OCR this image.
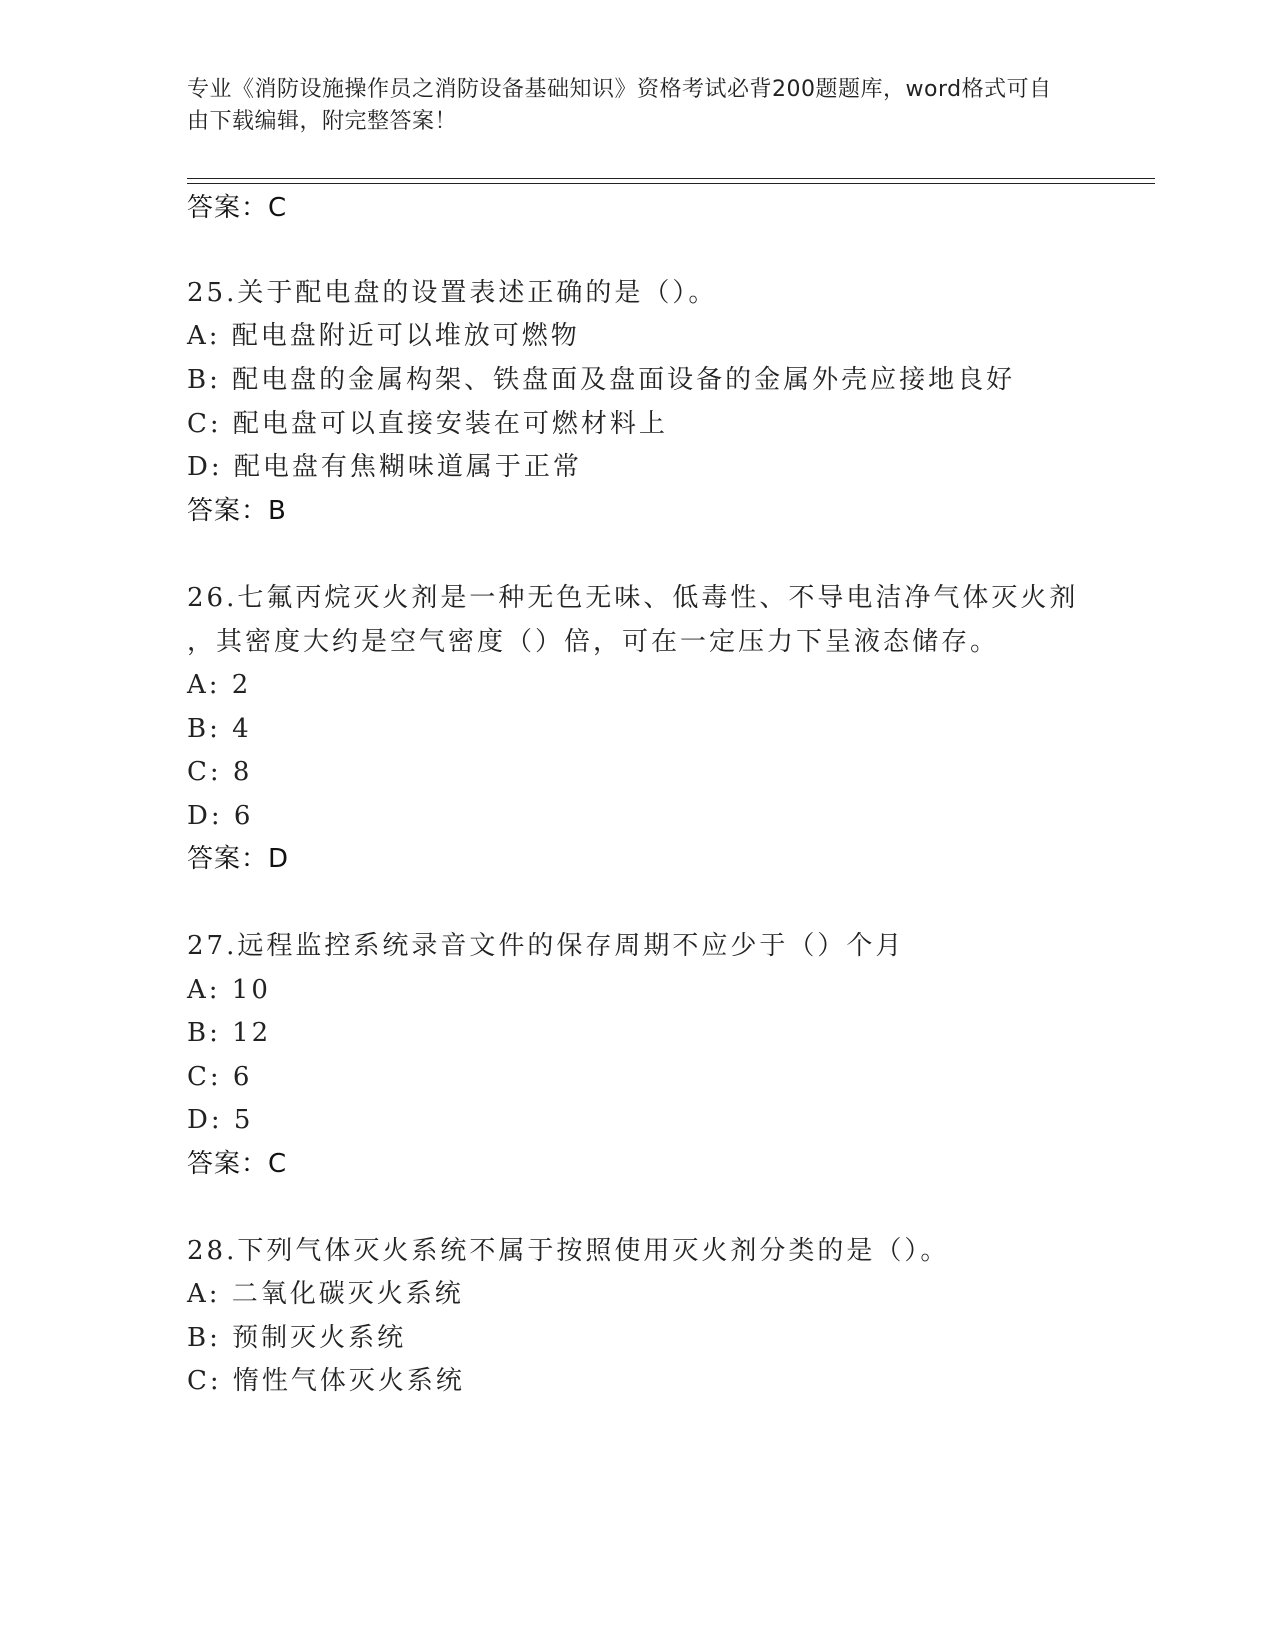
专业《消防设施操作员之消防设备基础知识》资格考试必背200题题库，word格式可自由下载编辑，附完整答案！
答案：C
25.关于配电盘的设置表述正确的是（）。
A: 配电盘附近可以堆放可燃物
B: 配电盘的金属构架、铁盘面及盘面设备的金属外壳应接地良好
C: 配电盘可以直接安装在可燃材料上
D: 配电盘有焦糊味道属于正常
答案：B
26.七氟丙烷灭火剂是一种无色无味、低毒性、不导电洁净气体灭火剂
，其密度大约是空气密度（）倍，可在一定压力下呈液态储存。
A: 2
B: 4
C: 8
D: 6
答案：D
27.远程监控系统录音文件的保存周期不应少于（）个月
A: 10
B: 12
C: 6
D: 5
答案：C
28.下列气体灭火系统不属于按照使用灭火剂分类的是（）。
A: 二氧化碳灭火系统
B: 预制灭火系统
C: 惰性气体灭火系统
